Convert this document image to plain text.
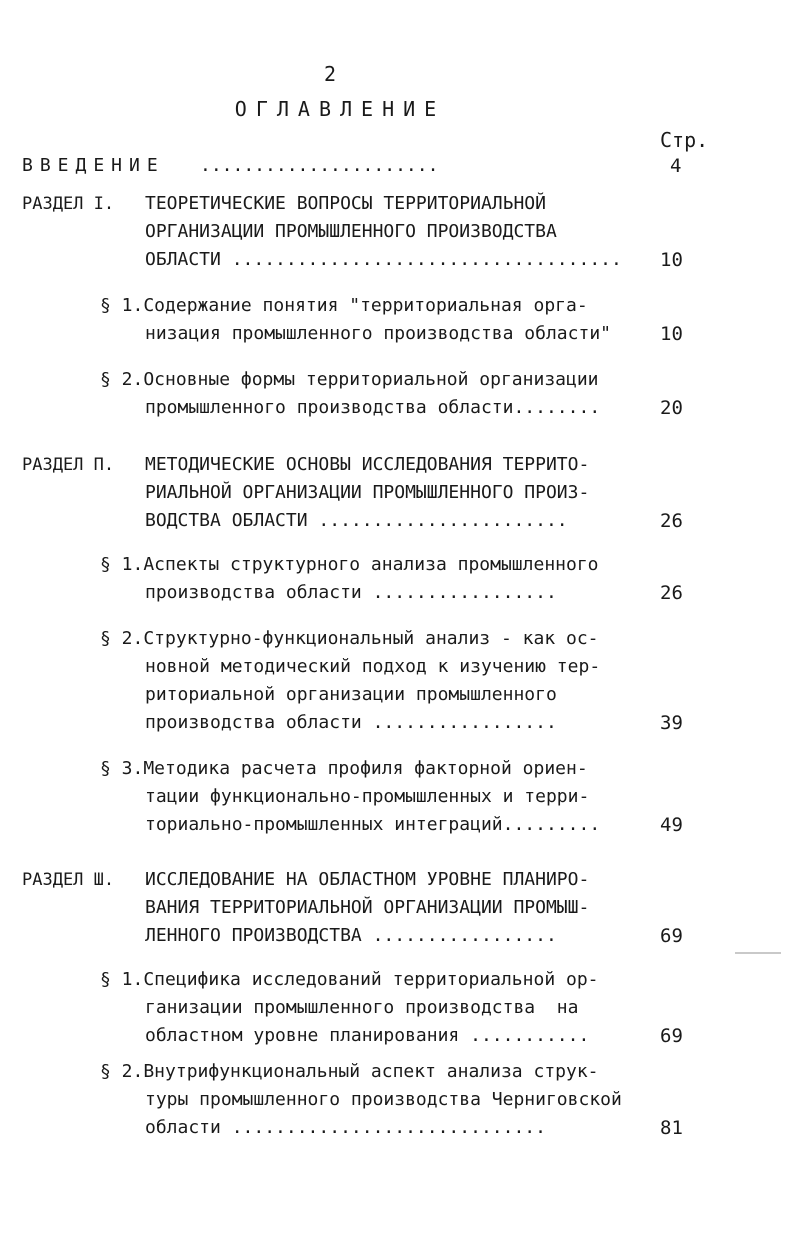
2
ОГЛАВЛЕНИЕ
Стр.
ВВЕДЕНИЕ ......................	4
РАЗДЕЛ I. ТЕОРЕТИЧЕСКИЕ ВОПРОСЫ ТЕРРИТОРИАЛЬНОЙ
ОРГАНИЗАЦИИ ПРОМЫШЛЕННОГО ПРОИЗВОДСТВА
ОБЛАСТИ .................................... 10
§ 1.Содержание понятия "территориальная орга-
низация промышленного производства области"	10
§ 2.Основные формы территориальной организации
промышленного производства области........	20
РАЗДЕЛ П. МЕТОДИЧЕСКИЕ ОСНОВЫ ИССЛЕДОВАНИЯ ТЕРРИТО-
РИАЛЬНОЙ ОРГАНИЗАЦИИ ПРОМЫШЛЕННОГО ПРОИЗ-
ВОДСТВА ОБЛАСТИ .......................	26
§ 1.Аспекты структурного анализа промышленного
производства области .................	26
§ 2.Структурно-функциональный анализ - как ос-
новной методический подход к изучению тер-
риториальной организации промышленного
производства области .................	39
§ 3.Методика расчета профиля факторной ориен-
тации функционально-промышленных и терри-
ториально-промышленных интеграций.........	49
РАЗДЕЛ Ш. ИССЛЕДОВАНИЕ НА ОБЛАСТНОМ УРОВНЕ ПЛАНИРО-
ВАНИЯ ТЕРРИТОРИАЛЬНОЙ ОРГАНИЗАЦИИ ПРОМЫШ-
ЛЕННОГО ПРОИЗВОДСТВА .................	69
§ 1.Специфика исследований территориальной ор-
ганизации промышленного производства  на
областном уровне планирования ...........	69
§ 2.Внутрифункциональный аспект анализа струк-
туры промышленного производства Черниговской
области .............................	81
